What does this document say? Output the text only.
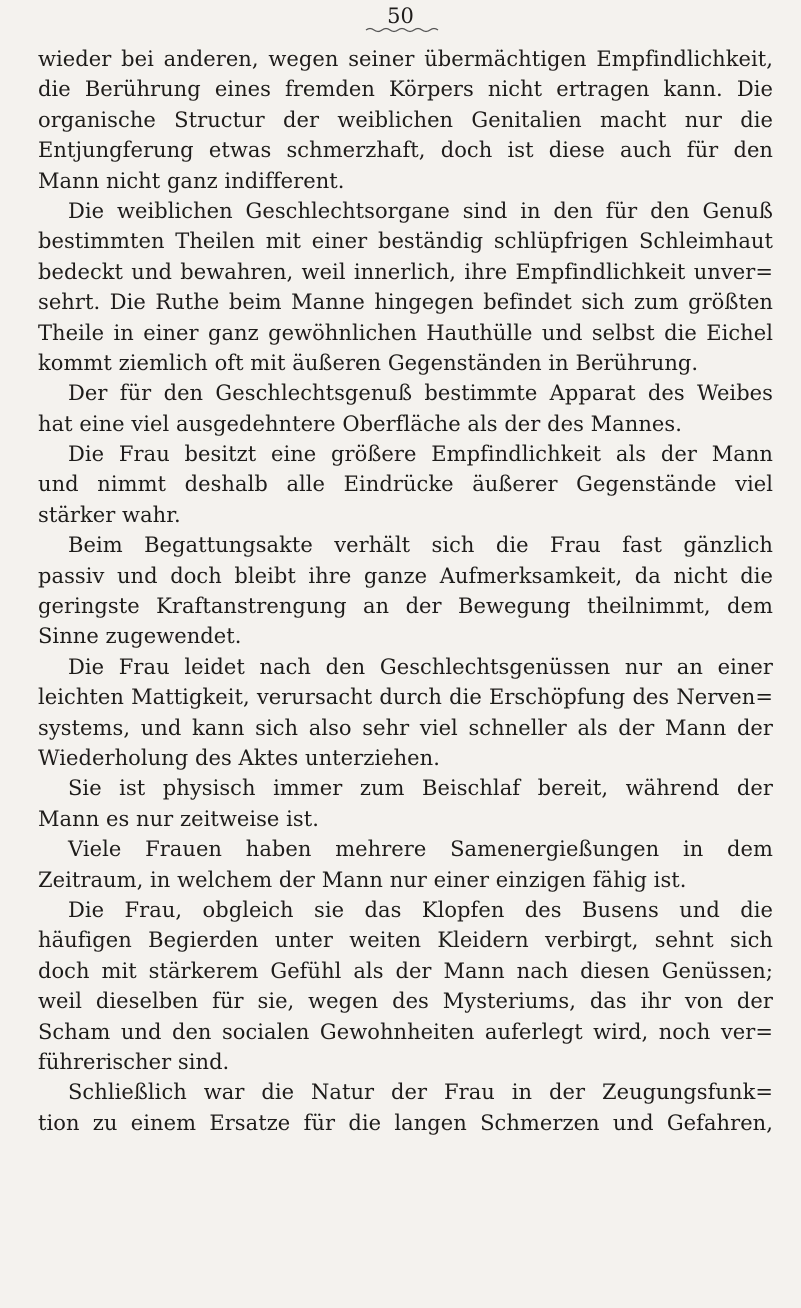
50
wieder bei anderen, wegen seiner übermächtigen Empfindlichkeit,
die Berührung eines fremden Körpers nicht ertragen kann. Die
organische Structur der weiblichen Genitalien macht nur die
Entjungferung etwas schmerzhaft, doch ist diese auch für den
Mann nicht ganz indifferent.
Die weiblichen Geschlechtsorgane sind in den für den Genuß
bestimmten Theilen mit einer beständig schlüpfrigen Schleimhaut
bedeckt und bewahren, weil innerlich, ihre Empfindlichkeit unver=
sehrt. Die Ruthe beim Manne hingegen befindet sich zum größten
Theile in einer ganz gewöhnlichen Hauthülle und selbst die Eichel
kommt ziemlich oft mit äußeren Gegenständen in Berührung.
Der für den Geschlechtsgenuß bestimmte Apparat des Weibes
hat eine viel ausgedehntere Oberfläche als der des Mannes.
Die Frau besitzt eine größere Empfindlichkeit als der Mann
und nimmt deshalb alle Eindrücke äußerer Gegenstände viel
stärker wahr.
Beim Begattungsakte verhält sich die Frau fast gänzlich
passiv und doch bleibt ihre ganze Aufmerksamkeit, da nicht die
geringste Kraftanstrengung an der Bewegung theilnimmt, dem
Sinne zugewendet.
Die Frau leidet nach den Geschlechtsgenüssen nur an einer
leichten Mattigkeit, verursacht durch die Erschöpfung des Nerven=
systems, und kann sich also sehr viel schneller als der Mann der
Wiederholung des Aktes unterziehen.
Sie ist physisch immer zum Beischlaf bereit, während der
Mann es nur zeitweise ist.
Viele Frauen haben mehrere Samenergießungen in dem
Zeitraum, in welchem der Mann nur einer einzigen fähig ist.
Die Frau, obgleich sie das Klopfen des Busens und die
häufigen Begierden unter weiten Kleidern verbirgt, sehnt sich
doch mit stärkerem Gefühl als der Mann nach diesen Genüssen;
weil dieselben für sie, wegen des Mysteriums, das ihr von der
Scham und den socialen Gewohnheiten auferlegt wird, noch ver=
führerischer sind.
Schließlich war die Natur der Frau in der Zeugungsfunk=
tion zu einem Ersatze für die langen Schmerzen und Gefahren,
